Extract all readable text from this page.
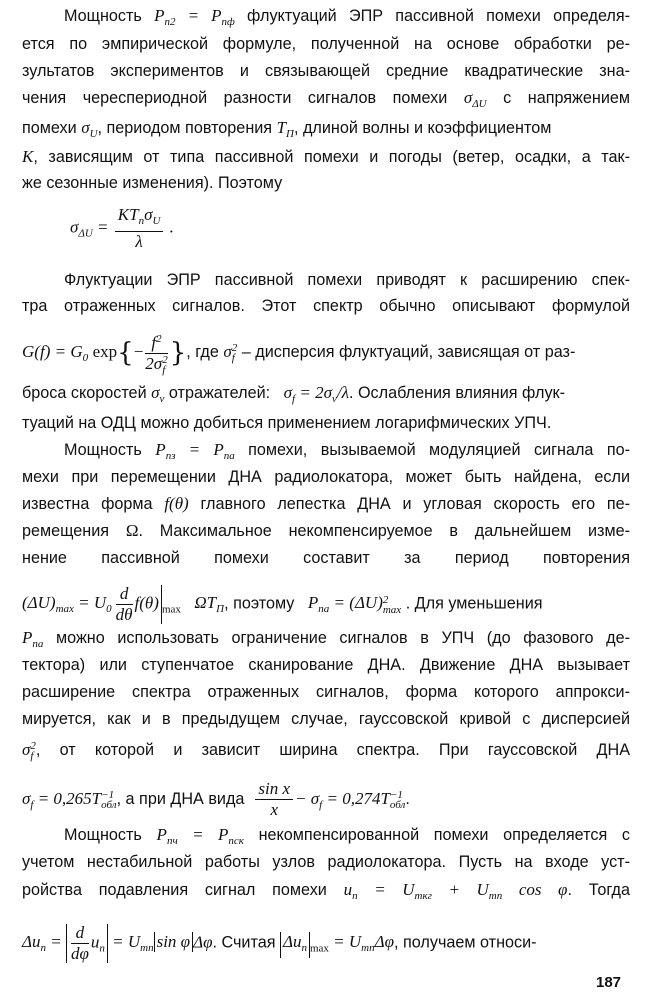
Мощность $P_{п2} = P_{пф}$ флуктуаций ЭПР пассивной помехи определя-
ется по эмпирической формуле, полученной на основе обработки ре-
зультатов экспериментов и связывающей средние квадратические зна-
чения череспериодной разности сигналов помехи $\sigma_{\Delta U}$ с напряжением
помехи $\sigma_U$, периодом повторения $T_П$, длиной волны и коэффициентом
K, зависящим от типа пассивной помехи и погоды (ветер, осадки, а так-
же сезонные изменения). Поэтому
$\sigma_{\Delta U} = \frac{KT_п\sigma_U}{\lambda}$ .
Флуктуации ЭПР пассивной помехи приводят к расширению спек-
тра отраженных сигналов. Этот спектр обычно описывают формулой
$G(f) = G_0$ $\exp\{- f^2$
2σ 2
f }, где σ 2
f – дисперсия флуктуаций, зависящая от раз-
броса скоростей $\sigma_v$ отражателей: $\sigma_f = 2\sigma_v/\lambda$. Ослабления влияния флук-
туаций на ОДЦ можно добиться применением логарифмических УПЧ.
Мощность $P_{пз} = P_{па}$ помехи, вызываемой модуляцией сигнала по-
мехи при перемещении ДНА радиолокатора, может быть найдена, если
известна форма f(θ) главного лепестка ДНА и угловая скорость его пе-
ремещения Ω. Максимальное некомпенсируемое в дальнейшем изме-
нение пассивной помехи составит за период повторения
$(\Delta U)_{max} = U_0 \frac{d}{d\theta} f(\theta)$ $_{max}$ $\Omega T_П$, поэтому $P_{па} = (\Delta U)$ 2
max . Для уменьшения
$P_{па}$ можно использовать ограничение сигналов в УПЧ (до фазового де-
тектора) или ступенчатое сканирование ДНА. Движение ДНА вызывает
расширение спектра отраженных сигналов, форма которого аппрокси-
мируется, как и в предыдущем случае, гауссовской кривой с дисперсией
σ 2
f , от которой и зависит ширина спектра. При гауссовской ДНА
$\sigma_f = 0,265T -1$
обл , а при ДНА вида $\frac{\text{sin x}}{x} - \sigma_f = 0,274T -1$
обл .
Мощность $P_{пч} = P_{пск}$ некомпенсированной помехи определяется с
учетом нестабильной работы узлов радиолокатора. Пусть на входе уст-
ройства подавления сигнал помехи $u_п = U_{mкг} + U_{mп}$ cos φ. Тогда
$\Delta u_п = \frac{d}{d\varphi} u_п = U_{mп}$ sin φ Δφ. Считая $\Delta u_п$ $_{max} = U_{mп}\Delta\varphi$, получаем относи-
187
